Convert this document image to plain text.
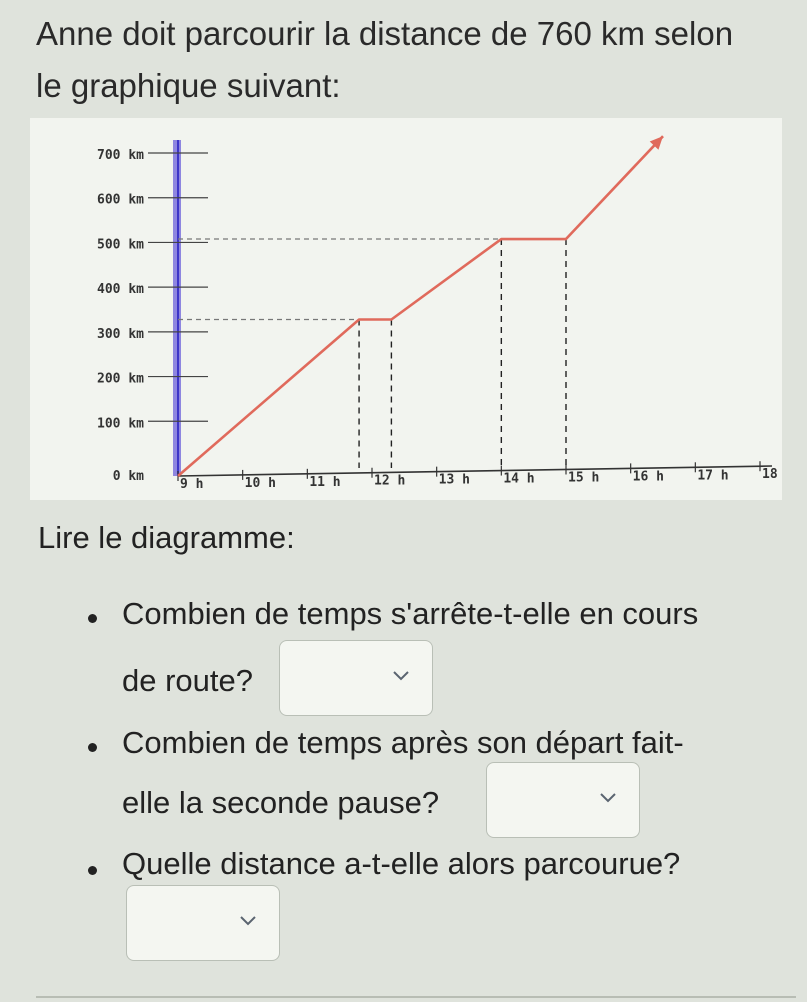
Anne doit parcourir la distance de 760 km selon
le graphique suivant:
0 km
100 km
200 km
300 km
400 km
500 km
600 km
700 km
9 h	10 h	11 h	12 h	13 h	14 h	15 h	16 h	17 h	18
Lire le diagramme:
Combien de temps s'arrête-t-elle en cours
de route?
Combien de temps après son départ fait-
elle la seconde pause?
Quelle distance a-t-elle alors parcourue?
